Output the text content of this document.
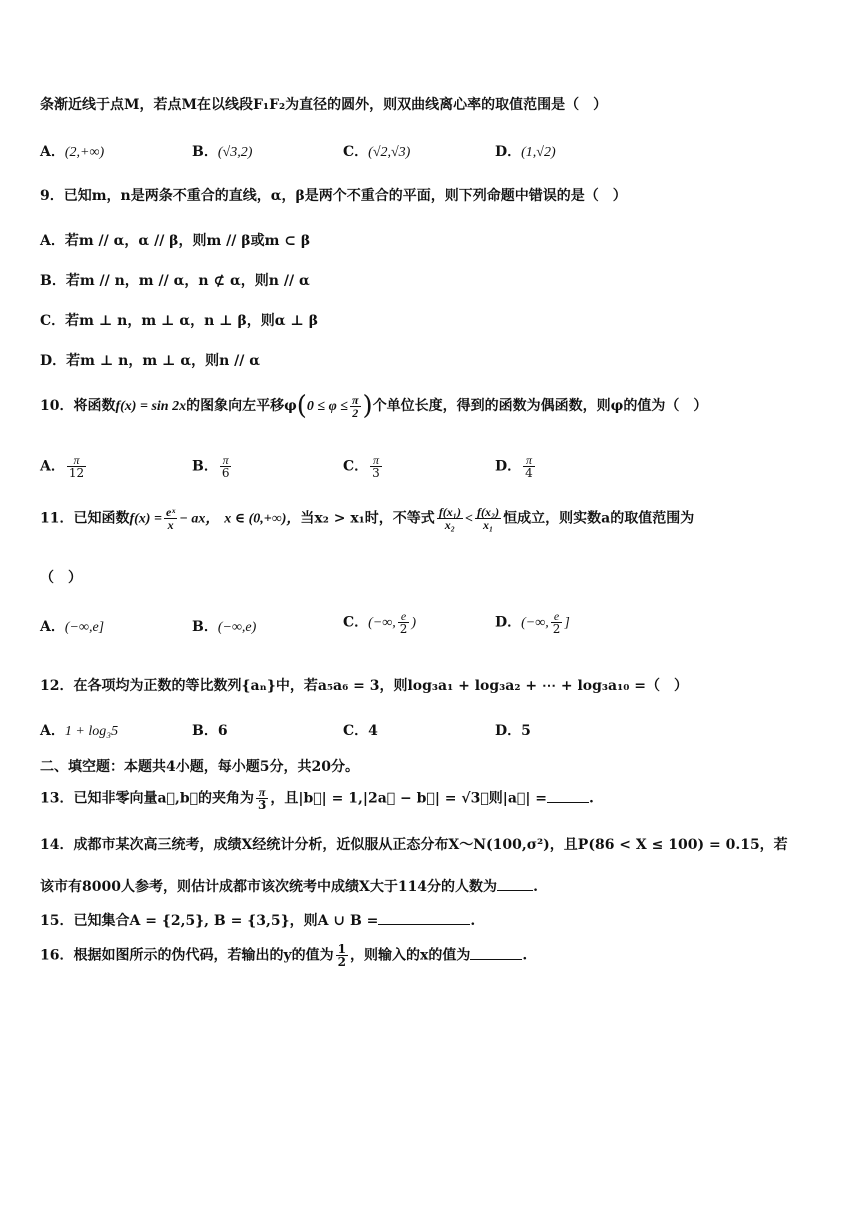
条渐近线于点M，若点M在以线段F₁F₂为直径的圆外，则双曲线离心率的取值范围是（　）
A．(2,+∞)	B．(√3,2)	C．(√2,√3)	D．(1,√2)
9．已知m，n是两条不重合的直线，α，β是两个不重合的平面，则下列命题中错误的是（　）
A．若m // α，α // β，则m // β或m ⊂ β
B．若m // n，m // α，n ⊄ α，则n // α
C．若m ⊥ n，m ⊥ α，n ⊥ β，则α ⊥ β
D．若m ⊥ n，m ⊥ α，则n // α
10．将函数f(x) = sin 2x的图象向左平移$\varphi(0 \le \varphi \le \frac{\pi}{2}$ )个单位长度，得到的函数为偶函数，则φ的值为（　）
A． $\frac{\pi}{12}$	B． $\frac{\pi}{6}$	C． $\frac{\pi}{3}$	D． $\frac{\pi}{4}$
11．已知函数$f(x) = \frac{\text{eˣ}}{x}$ − ax， x ∈ (0,+∞)，当x₂ > x₁时，不等式 $\frac{\text{f(x₁)}}{\text{x₂}} < \frac{\text{f(x₂)}}{\text{x₁}}$ 恒成立，则实数a的取值范围为
（　）
A．(−∞,e]	B．(−∞,e)	C．(−∞, $\frac{e}{2}$ )	D．(−∞, $\frac{e}{2}$ ]
12．在各项均为正数的等比数列{aₙ}中，若a₅a₆ = 3，则log₃a₁ + log₃a₂ + ⋯ + log₃a₁₀ =（　）
A．1 + log₃5	B．6	C．4	D．5
二、填空题：本题共4小题，每小题5分，共20分。
13．已知非零向量a⃗,b⃗的夹角为 $\frac{\pi}{3}$ ，且|b⃗| = 1,|2a⃗ − b⃗| = √3，则|a⃗| =	.
14．成都市某次高三统考，成绩X经统计分析，近似服从正态分布X～N(100,σ²)，且P(86 < X ≤ 100) = 0.15，若
该市有8000人参考，则估计成都市该次统考中成绩X大于114分的人数为	.
15．已知集合A = {2,5}, B = {3,5}，则A ∪ B =	.
16．根据如图所示的伪代码，若输出的y的值为 $\frac{1}{2}$ ，则输入的x的值为	.
